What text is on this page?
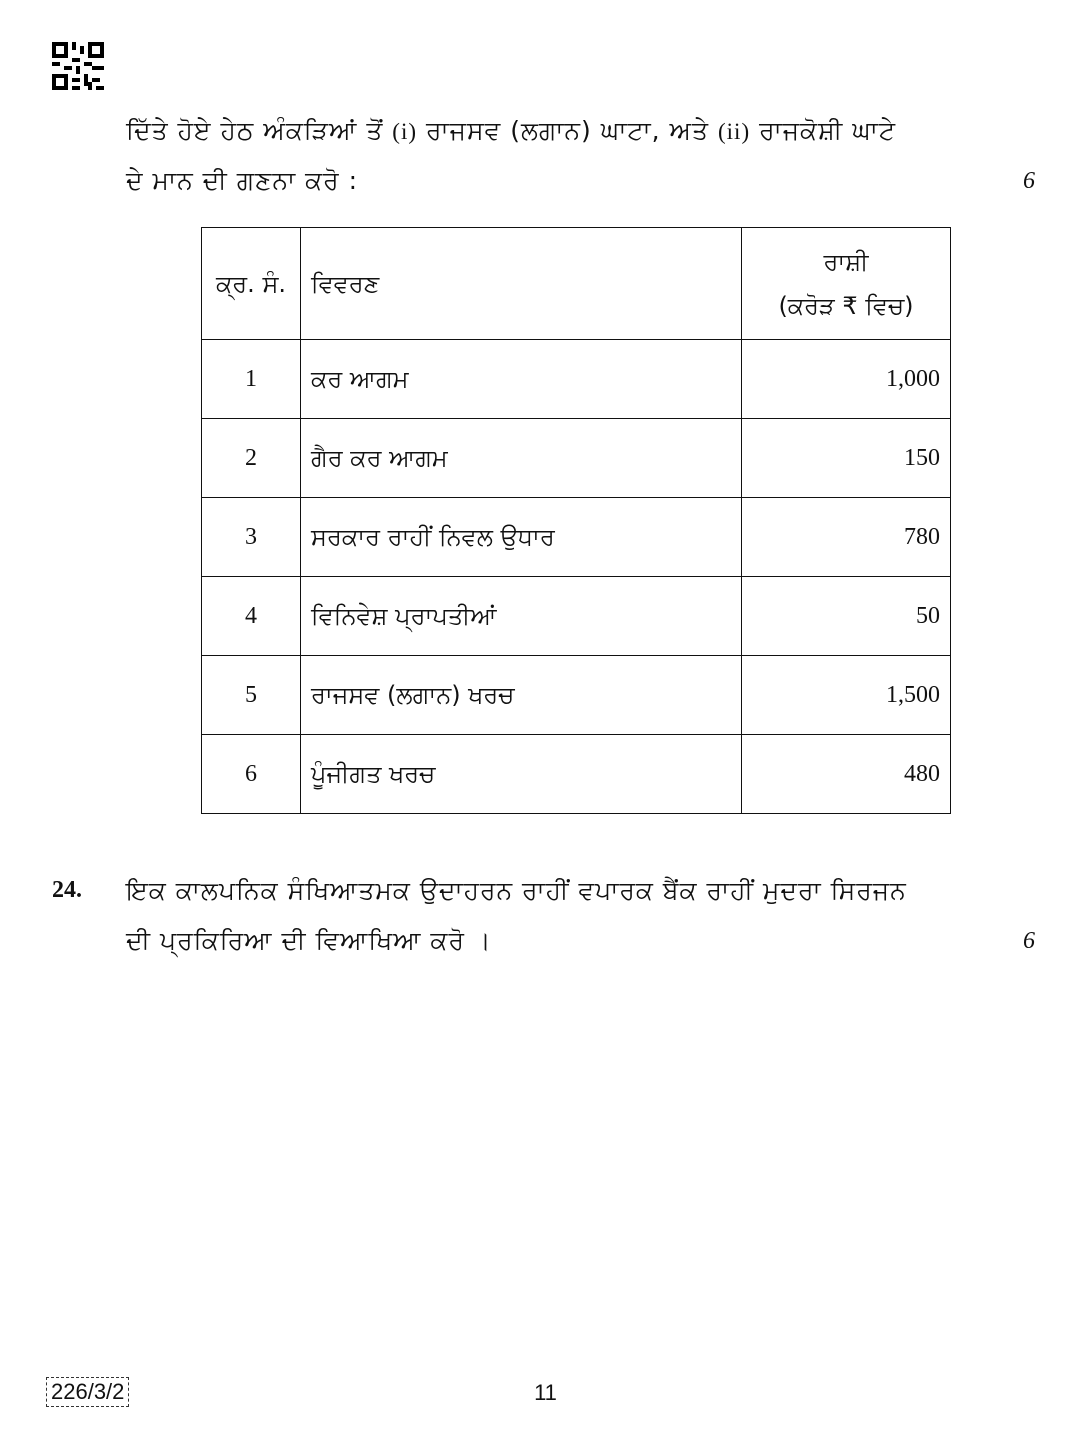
ਦਿੱਤੇ ਹੋਏ ਹੇਠ ਅੰਕੜਿਆਂ ਤੋਂ (i) ਰਾਜਸਵ (ਲਗਾਨ) ਘਾਟਾ, ਅਤੇ (ii) ਰਾਜਕੋਸ਼ੀ ਘਾਟੇ
ਦੇ ਮਾਨ ਦੀ ਗਣਨਾ ਕਰੋ :	6
ਕ੍ਰ. ਸੰ.	ਵਿਵਰਣ	ਰਾਸ਼ੀ
(ਕਰੋੜ ₹ ਵਿਚ)

1	ਕਰ ਆਗਮ	1,000
2	ਗੈਰ ਕਰ ਆਗਮ	150
3	ਸਰਕਾਰ ਰਾਹੀਂ ਨਿਵਲ ਉਧਾਰ	780
4	ਵਿਨਿਵੇਸ਼ ਪ੍ਰਾਪਤੀਆਂ	50
5	ਰਾਜਸਵ (ਲਗਾਨ) ਖਰਚ	1,500
6	ਪੂੰਜੀਗਤ ਖਰਚ	480
24. ਇਕ ਕਾਲਪਨਿਕ ਸੰਖਿਆਤਮਕ ਉਦਾਹਰਨ ਰਾਹੀਂ ਵਪਾਰਕ ਬੈਂਕ ਰਾਹੀਂ ਮੁਦਰਾ ਸਿਰਜਨ
ਦੀ ਪ੍ਰਕਿਰਿਆ ਦੀ ਵਿਆਖਿਆ ਕਰੋ ।	6
226/3/2	11
